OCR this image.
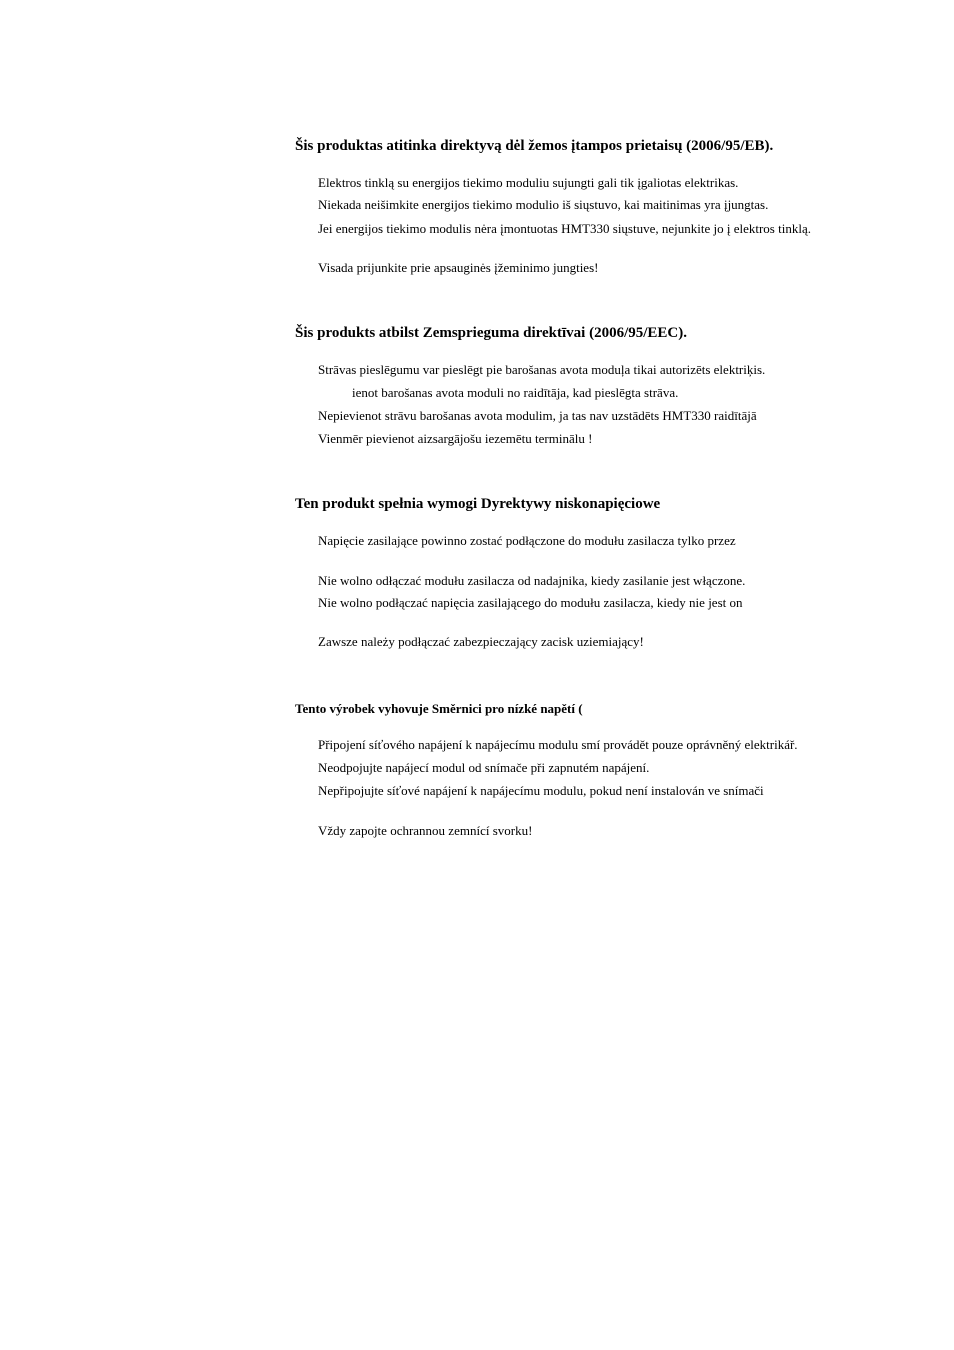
Šis produktas atitinka direktyvą dėl žemos įtampos prietaisų (2006/95/EB).

Elektros tinklą su energijos tiekimo moduliu sujungti gali tik įgaliotas elektrikas.

Niekada neišimkite energijos tiekimo modulio iš siųstuvo, kai maitinimas yra įjungtas.

Jei energijos tiekimo modulis nėra įmontuotas HMT330 siųstuve, nejunkite jo į elektros tinklą.

Visada prijunkite prie apsauginės įžeminimo jungties!

Šis produkts atbilst Zemsprieguma direktīvai (2006/95/EEC).

Strāvas pieslēgumu var pieslēgt pie barošanas avota moduļa tikai autorizēts elektriķis.

ienot barošanas avota moduli no raidītāja, kad pieslēgta strāva.

Nepievienot strāvu barošanas avota modulim, ja tas nav uzstādēts HMT330 raidītājā

Vienmēr pievienot aizsargājošu iezemētu terminālu !

Ten produkt spełnia wymogi Dyrektywy niskonapięciowe

Napięcie zasilające powinno zostać podłączone do modułu zasilacza tylko przez

Nie wolno odłączać modułu zasilacza od nadajnika, kiedy zasilanie jest włączone.

Nie wolno podłączać napięcia zasilającego do modułu zasilacza, kiedy nie jest on

Zawsze należy podłączać zabezpieczający zacisk uziemiający!

Tento výrobek vyhovuje Směrnici pro nízké napětí (

Připojení síťového napájení k napájecímu modulu smí provádět pouze oprávněný elektrikář.

Neodpojujte napájecí modul od snímače při zapnutém napájení.

Nepřipojujte síťové napájení k napájecímu modulu, pokud není instalován ve snímači

Vždy zapojte ochrannou zemnící svorku!
